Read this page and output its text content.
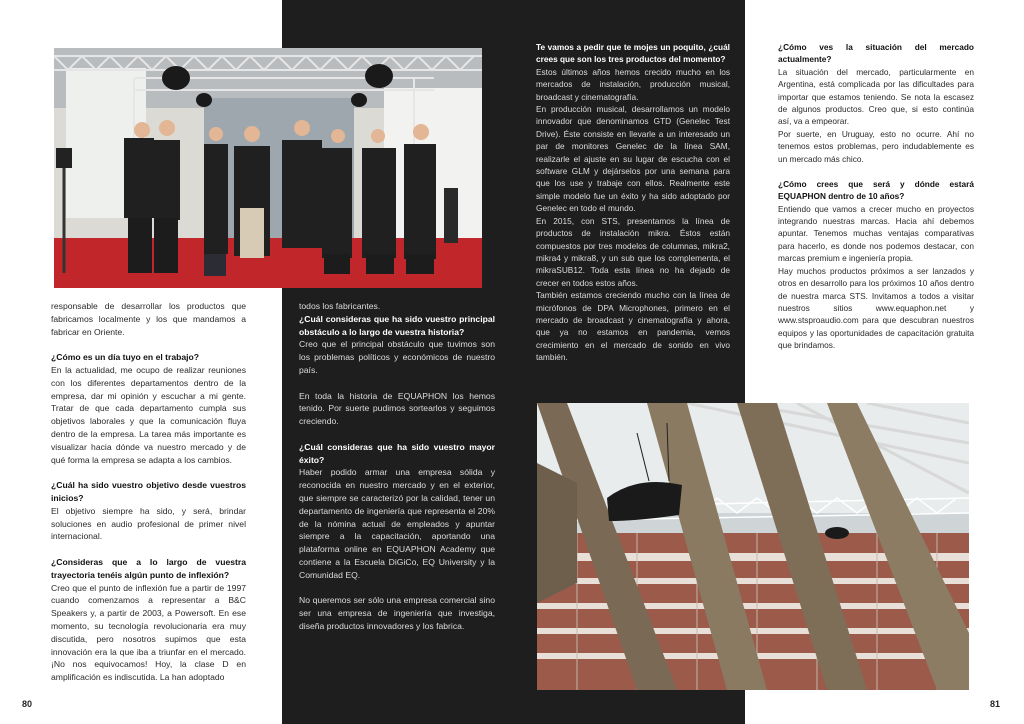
responsable de desarrollar los productos que fabricamos localmente y los que mandamos a fabricar en Oriente.

¿Cómo es un día tuyo en el trabajo?

En la actualidad, me ocupo de realizar reuniones con los diferentes departamentos dentro de la empresa, dar mi opinión y escuchar a mi gente. Tratar de que cada departamento cumpla sus objetivos laborales y que la comunicación fluya dentro de la empresa. La tarea más importante es visualizar hacia dónde va nuestro mercado y de qué forma la empresa se adapta a los cambios.

¿Cuál ha sido vuestro objetivo desde vuestros inicios?

El objetivo siempre ha sido, y será, brindar soluciones en audio profesional de primer nivel internacional.

¿Consideras que a lo largo de vuestra trayectoria tenéis algún punto de inflexión?

Creo que el punto de inflexión fue a partir de 1997 cuando comenzamos a representar a B&C Speakers y, a partir de 2003, a Powersoft. En ese momento, su tecnología revolucionaria era muy discutida, pero nosotros supimos que esta innovación era la que iba a triunfar en el mercado. ¡No nos equivocamos! Hoy, la clase D en amplificación es indiscutida. La han adoptado

todos los fabricantes.

¿Cuál consideras que ha sido vuestro principal obstáculo a lo largo de vuestra historia?

Creo que el principal obstáculo que tuvimos son los problemas políticos y económicos de nuestro país.

En toda la historia de EQUAPHON los hemos tenido. Por suerte pudimos sortearlos y seguimos creciendo.

¿Cuál consideras que ha sido vuestro mayor éxito?

Haber podido armar una empresa sólida y reconocida en nuestro mercado y en el exterior, que siempre se caracterizó por la calidad, tener un departamento de ingeniería que representa el 20% de la nómina actual de empleados y apuntar siempre a la capacitación, aportando una plataforma online en EQUAPHON Academy que contiene a la Escuela DiGiCo, EQ University y la Comunidad EQ.

No queremos ser sólo una empresa comercial sino ser una empresa de ingeniería que investiga, diseña productos innovadores y los fabrica.

Te vamos a pedir que te mojes un poquito, ¿cuál crees que son los tres productos del momento?

Estos últimos años hemos crecido mucho en los mercados de instalación, producción musical, broadcast y cinematografía.

En producción musical, desarrollamos un modelo innovador que denominamos GTD (Genelec Test Drive). Éste consiste en llevarle a un interesado un par de monitores Genelec de la línea SAM, realizarle el ajuste en su lugar de escucha con el software GLM y dejárselos por una semana para que los use y trabaje con ellos. Realmente este simple modelo fue un éxito y ha sido adoptado por Genelec en todo el mundo.

En 2015, con STS, presentamos la línea de productos de instalación mikra. Éstos están compuestos por tres modelos de columnas, mikra2, mikra4 y mikra8, y un sub que los complementa, el mikraSUB12. Toda esta línea no ha dejado de crecer en todos estos años.

También estamos creciendo mucho con la línea de micrófonos de DPA Microphones, primero en el mercado de broadcast y cinematografía y ahora, que ya no estamos en pandemia, vemos crecimiento en el mercado de sonido en vivo también.

¿Cómo ves la situación del mercado actualmente?

La situación del mercado, particularmente en Argentina, está complicada por las dificultades para importar que estamos teniendo. Se nota la escasez de algunos productos. Creo que, si esto continúa así, va a empeorar.

Por suerte, en Uruguay, esto no ocurre. Ahí no tenemos estos problemas, pero indudablemente es un mercado más chico.

¿Cómo crees que será y dónde estará EQUAPHON dentro de 10 años?

Entiendo que vamos a crecer mucho en proyectos integrando nuestras marcas. Hacia ahí debemos apuntar. Tenemos muchas ventajas comparativas para hacerlo, es donde nos podemos destacar, con marcas premium e ingeniería propia.

Hay muchos productos próximos a ser lanzados y otros en desarrollo para los próximos 10 años dentro de nuestra marca STS. Invitamos a todos a visitar nuestros sitios www.equaphon.net y www.stsproaudio.com para que descubran nuestros equipos y las oportunidades de capacitación gratuita que brindamos.

80	81
